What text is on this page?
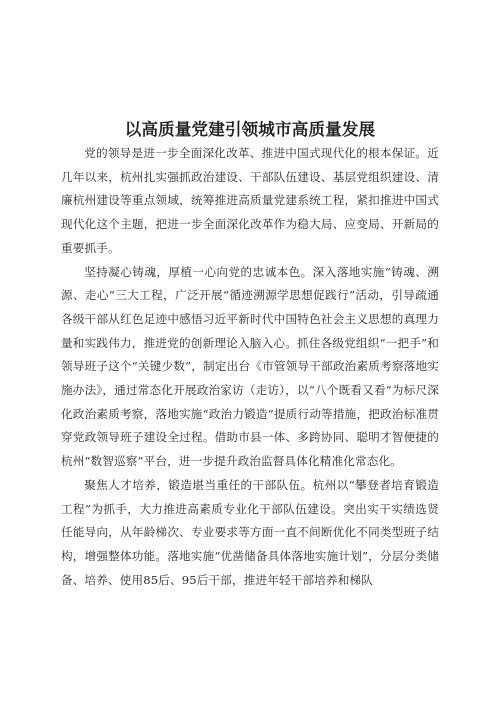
以高质量党建引领城市高质量发展

党的领导是进一步全面深化改革、推进中国式现代化的根本保证。近几年以来，杭州扎实强抓政治建设、干部队伍建设、基层党组织建设、清廉杭州建设等重点领域，统筹推进高质量党建系统工程，紧扣推进中国式现代化这个主题，把进一步全面深化改革作为稳大局、应变局、开新局的重要抓手。

坚持凝心铸魂，厚植一心向党的忠诚本色。深入落地实施“铸魂、溯源、走心”三大工程，广泛开展“循迹溯源学思想促践行”活动，引导疏通各级干部从红色足迹中感悟习近平新时代中国特色社会主义思想的真理力量和实践伟力，推进党的创新理论入脑入心。抓住各级党组织“一把手”和领导班子这个“关键少数”，制定出台《市管领导干部政治素质考察落地实施办法》，通过常态化开展政治家访（走访），以“八个既看又看”为标尺深化政治素质考察，落地实施“政治力锻造”提质行动等措施，把政治标准贯穿党政领导班子建设全过程。借助市县一体、多跨协同、聪明才智便捷的杭州“数智巡察”平台，进一步提升政治监督具体化精准化常态化。

聚焦人才培养，锻造堪当重任的干部队伍。杭州以“攀登者培育锻造工程”为抓手，大力推进高素质专业化干部队伍建设。突出实干实绩选贤任能导向，从年龄梯次、专业要求等方面一直不间断优化不同类型班子结构，增强整体功能。落地实施“优凿储备具体落地实施计划”，分层分类储备、培养、使用85后、95后干部，推进年轻干部培养和梯队
